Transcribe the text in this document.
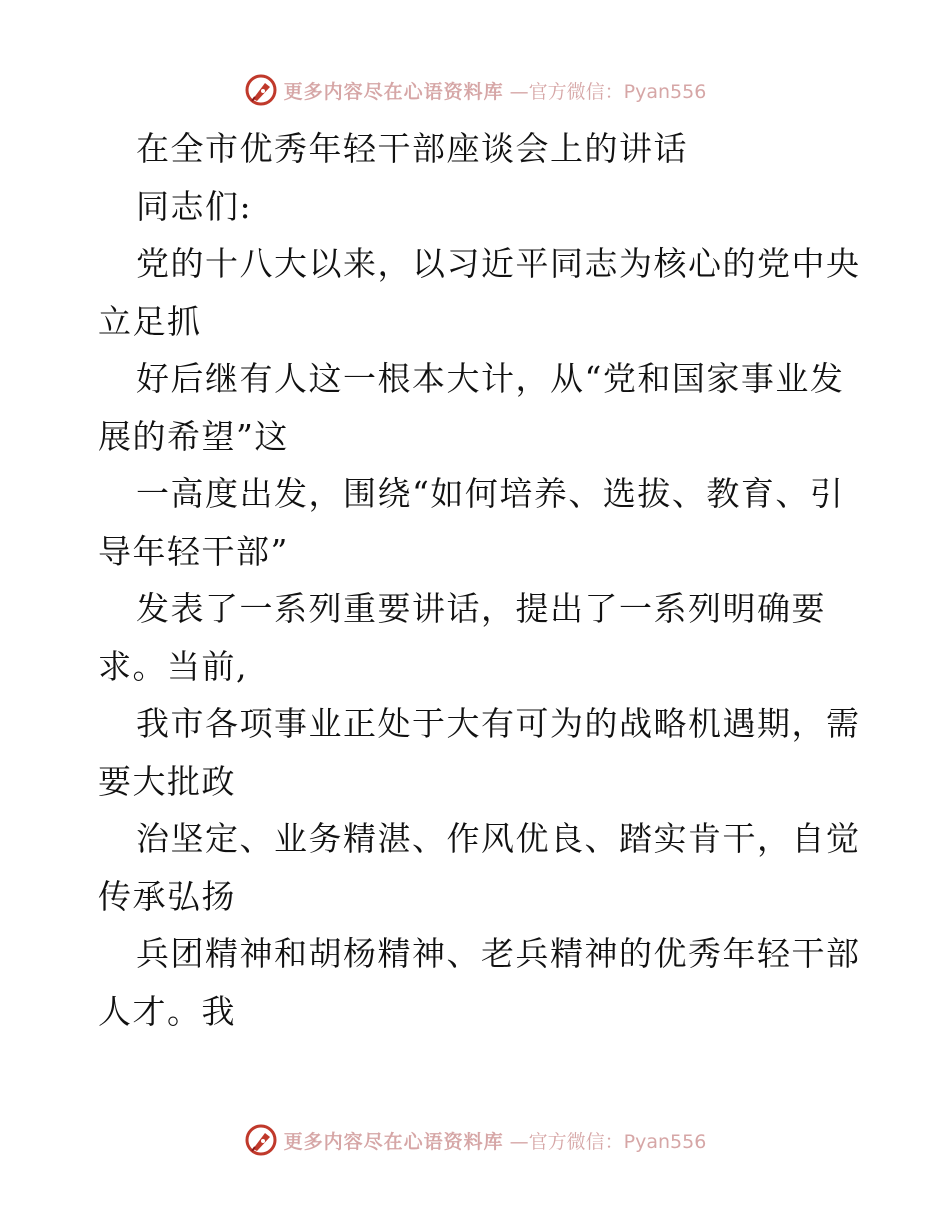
更多内容尽在心语资料库 —官方微信：Pyan556
在全市优秀年轻干部座谈会上的讲话
同志们:
党的十八大以来，以习近平同志为核心的党中央
立足抓
好后继有人这一根本大计，从“党和国家事业发
展的希望”这
一高度出发，围绕“如何培养、选拔、教育、引
导年轻干部”
发表了一系列重要讲话，提出了一系列明确要
求。当前,
我市各项事业正处于大有可为的战略机遇期，需
要大批政
治坚定、业务精湛、作风优良、踏实肯干，自觉
传承弘扬
兵团精神和胡杨精神、老兵精神的优秀年轻干部
人才。我
更多内容尽在心语资料库 —官方微信：Pyan556
